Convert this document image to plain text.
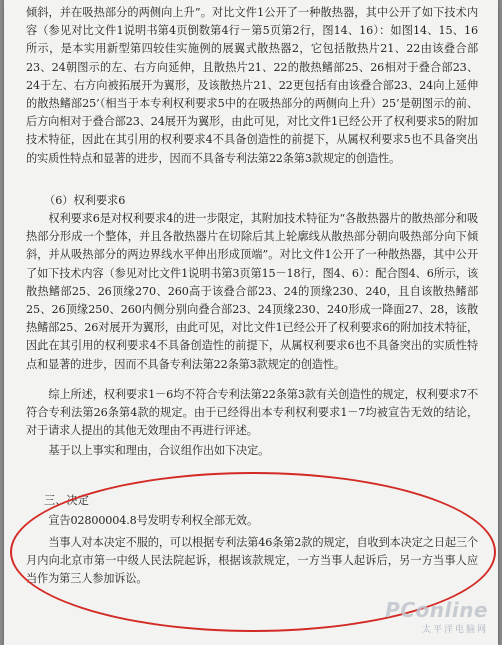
倾斜，并在吸热部分的两侧向上升”。对比文件1公开了一种散热器，其中公开了如下技术内容（参见对比文件1说明书第4页倒数第4行－第5页第2行，图14、16）：如图14、15、16所示，是本实用新型第四较佳实施例的展翼式散热器2，它包括散热片21、22由该叠合部23、24朝图示的左、右方向延伸，且散热片21、22的散热鳍部25、26相对于叠合部23、24于左、右方向被拓展开为翼形，及该散热片21、22更包括有由该叠合部23、24向上延伸的散热鳍部25’（相当于本专利权利要求5中的在吸热部分的两侧向上升）25’是朝图示的前、后方向相对于叠合部23、24展开为翼形，由此可见，对比文件1已经公开了权利要求5的附加技术特征，因此在其引用的权利要求4不具备创造性的前提下，从属权利要求5也不具备突出的实质性特点和显著的进步，因而不具备专利法第22条第3款规定的创造性。
（6）权利要求6
权利要求6是对权利要求4的进一步限定，其附加技术特征为“各散热器片的散热部分和吸热部分形成一个整体，并且各散热器片在切除后其上轮廓线从散热部分朝向吸热部分向下倾斜，并从吸热部分的两边界线水平伸出形成顶端”。对比文件1公开了一种散热器，其中公开了如下技术内容（参见对比文件1说明书第3页第15－18行，图4、6）：配合图4、6所示，该散热鳍部25、26顶缘270、260高于该叠合部23、24的顶缘230、240，且自该散热鳍部25、26顶缘250、260内侧分别向叠合部23、24顶缘230、240形成一降面27、28，该散热鳍部25、26对展开为翼形，由此可见，对比文件1已经公开了权利要求6的附加技术特征，因此在其引用的权利要求4不具备创造性的前提下，从属权利要求6也不具备突出的实质性特点和显著的进步，因而不具备专利法第22条第3款规定的创造性。
综上所述，权利要求1－6均不符合专利法第22条第3款有关创造性的规定，权利要求7不符合专利法第26条第4款的规定。由于已经得出本专利权利要求1－7均被宣告无效的结论，对于请求人提出的其他无效理由不再进行评述。
基于以上事实和理由，合议组作出如下决定。
三、决定
宣告02800004.8号发明专利权全部无效。
当事人对本决定不服的，可以根据专利法第46条第2款的规定，自收到本决定之日起三个月内向北京市第一中级人民法院起诉，根据该款规定，一方当事人起诉后，另一方当事人应当作为第三人参加诉讼。
PConline
太平洋电脑网
